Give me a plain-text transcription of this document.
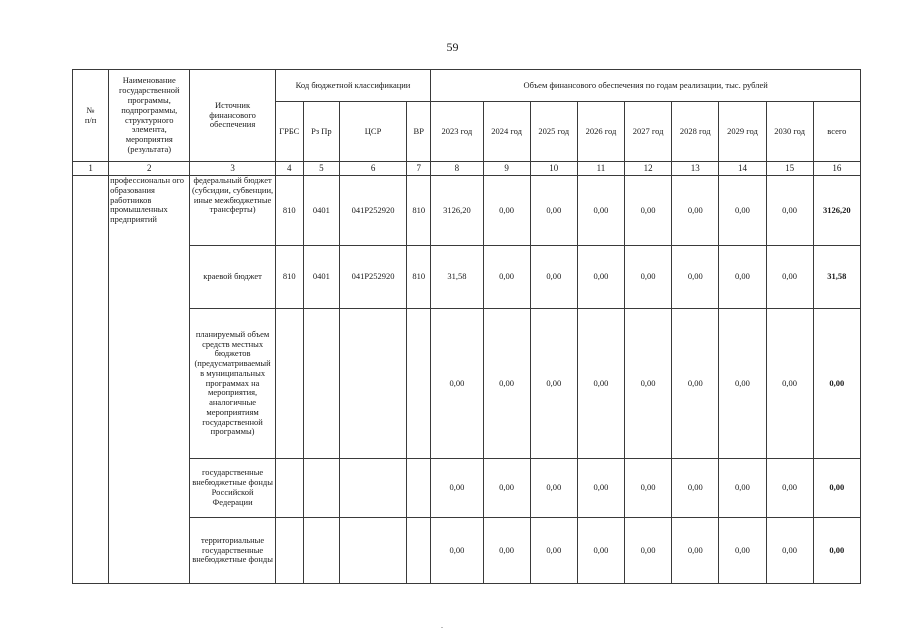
59
№
п/п	Наименование государственной программы, подпрограммы, структурного элемента, мероприятия (результата)	Источник финансового обеспечения	Код бюджетной классификации				Объем финансового обеспечения по годам реализации, тыс. рублей								
			ГРБС	Рз Пр	ЦСР	ВР	2023 год	2024 год	2025 год	2026 год	2027 год	2028 год	2029 год	2030 год	всего
1	2	3	4	5	6	7	8	9	10	11	12	13	14	15	16
	профессиональн ого образования работников промышленных предприятий	федеральный бюджет (субсидии, субвенции, иные межбюджетные трансферты)	810	0401	041P252920	810	3126,20	0,00	0,00	0,00	0,00	0,00	0,00	0,00	3126,20
		краевой бюджет	810	0401	041P252920	810	31,58	0,00	0,00	0,00	0,00	0,00	0,00	0,00	31,58
		планируемый объем средств местных бюджетов (предусматриваемый в муниципальных программах на мероприятия, аналогичные мероприятиям государственной программы)					0,00	0,00	0,00	0,00	0,00	0,00	0,00	0,00	0,00
		государственные внебюджетные фонды Российской Федерации					0,00	0,00	0,00	0,00	0,00	0,00	0,00	0,00	0,00
		территориальные государственные внебюджетные фонды					0,00	0,00	0,00	0,00	0,00	0,00	0,00	0,00	0,00
